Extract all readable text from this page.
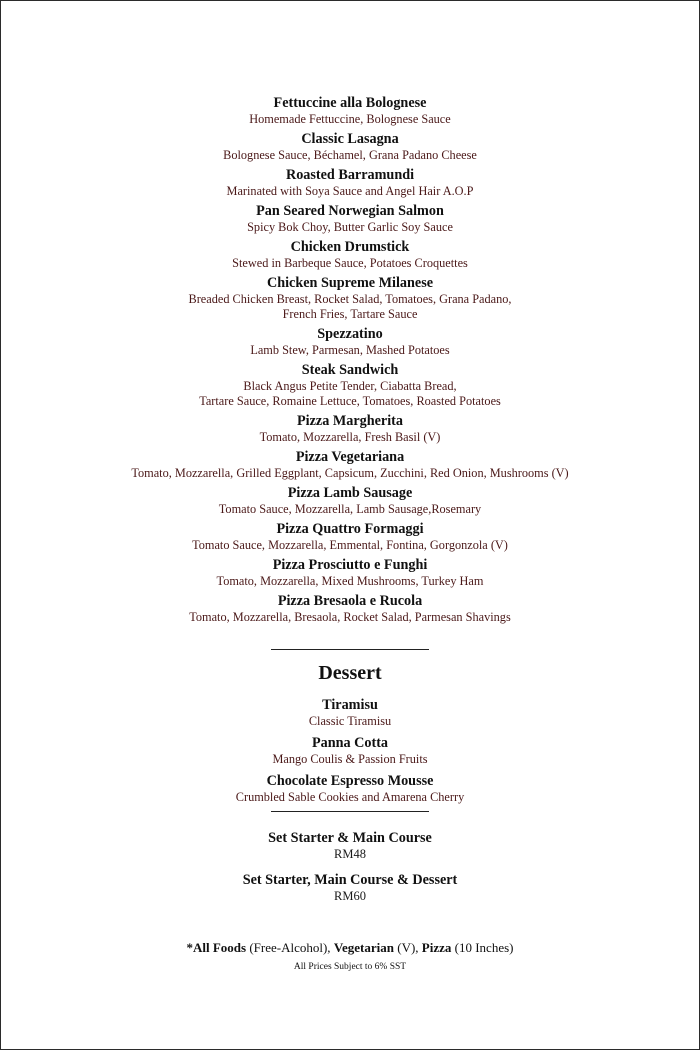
Fettuccine alla Bolognese
Homemade Fettuccine, Bolognese Sauce
Classic Lasagna
Bolognese Sauce, Béchamel, Grana Padano Cheese
Roasted Barramundi
Marinated with Soya Sauce and Angel Hair A.O.P
Pan Seared Norwegian Salmon
Spicy Bok Choy, Butter Garlic Soy Sauce
Chicken Drumstick
Stewed in Barbeque Sauce, Potatoes Croquettes
Chicken Supreme Milanese
Breaded Chicken Breast, Rocket Salad, Tomatoes, Grana Padano,
French Fries, Tartare Sauce
Spezzatino
Lamb Stew, Parmesan, Mashed Potatoes
Steak Sandwich
Black Angus Petite Tender, Ciabatta Bread,
Tartare Sauce, Romaine Lettuce, Tomatoes, Roasted Potatoes
Pizza Margherita
Tomato, Mozzarella, Fresh Basil (V)
Pizza Vegetariana
Tomato, Mozzarella, Grilled Eggplant, Capsicum, Zucchini, Red Onion, Mushrooms (V)
Pizza Lamb Sausage
Tomato Sauce, Mozzarella, Lamb Sausage,Rosemary
Pizza Quattro Formaggi
Tomato Sauce, Mozzarella, Emmental, Fontina, Gorgonzola (V)
Pizza Prosciutto e Funghi
Tomato, Mozzarella, Mixed Mushrooms, Turkey Ham
Pizza Bresaola e Rucola
Tomato, Mozzarella, Bresaola, Rocket Salad, Parmesan Shavings
Dessert
Tiramisu
Classic Tiramisu
Panna Cotta
Mango Coulis & Passion Fruits
Chocolate Espresso Mousse
Crumbled Sable Cookies and Amarena Cherry
Set Starter & Main Course
RM48
Set Starter, Main Course & Dessert
RM60
*All Foods (Free-Alcohol), Vegetarian (V), Pizza (10 Inches)
All Prices Subject to 6% SST
